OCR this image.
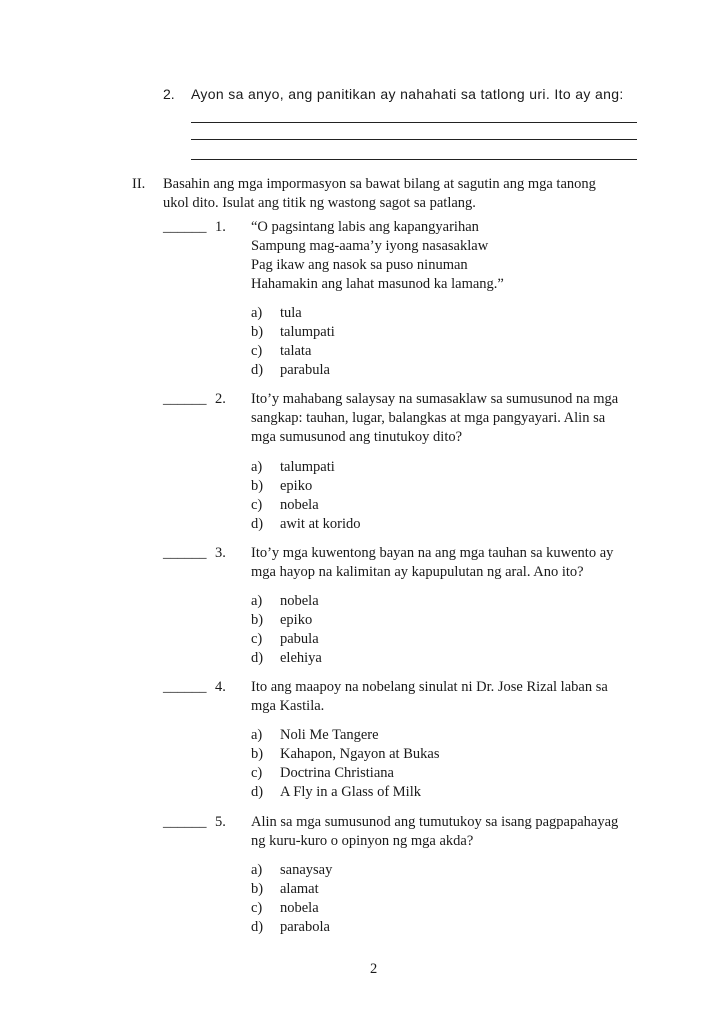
2. Ayon sa anyo, ang panitikan ay nahahati sa tatlong uri. Ito ay ang:
II. Basahin ang mga impormasyon sa bawat bilang at sagutin ang mga tanong
ukol dito. Isulat ang titik ng wastong sagot sa patlang.
______ 1. “O pagsintang labis ang kapangyarihan
Sampung mag-aama’y iyong nasasaklaw
Pag ikaw ang nasok sa puso ninuman
Hahamakin ang lahat masunod ka lamang.”
a) tula
b) talumpati
c) talata
d) parabula
______ 2. Ito’y mahabang salaysay na sumasaklaw sa sumusunod na mga
sangkap: tauhan, lugar, balangkas at mga pangyayari. Alin sa
mga sumusunod ang tinutukoy dito?
a) talumpati
b) epiko
c) nobela
d) awit at korido
______ 3. Ito’y mga kuwentong bayan na ang mga tauhan sa kuwento ay
mga hayop na kalimitan ay kapupulutan ng aral. Ano ito?
a) nobela
b) epiko
c) pabula
d) elehiya
______ 4. Ito ang maapoy na nobelang sinulat ni Dr. Jose Rizal laban sa
mga Kastila.
a) Noli Me Tangere
b) Kahapon, Ngayon at Bukas
c) Doctrina Christiana
d) A Fly in a Glass of Milk
______ 5. Alin sa mga sumusunod ang tumutukoy sa isang pagpapahayag
ng kuru-kuro o opinyon ng mga akda?
a) sanaysay
b) alamat
c) nobela
d) parabola
2
